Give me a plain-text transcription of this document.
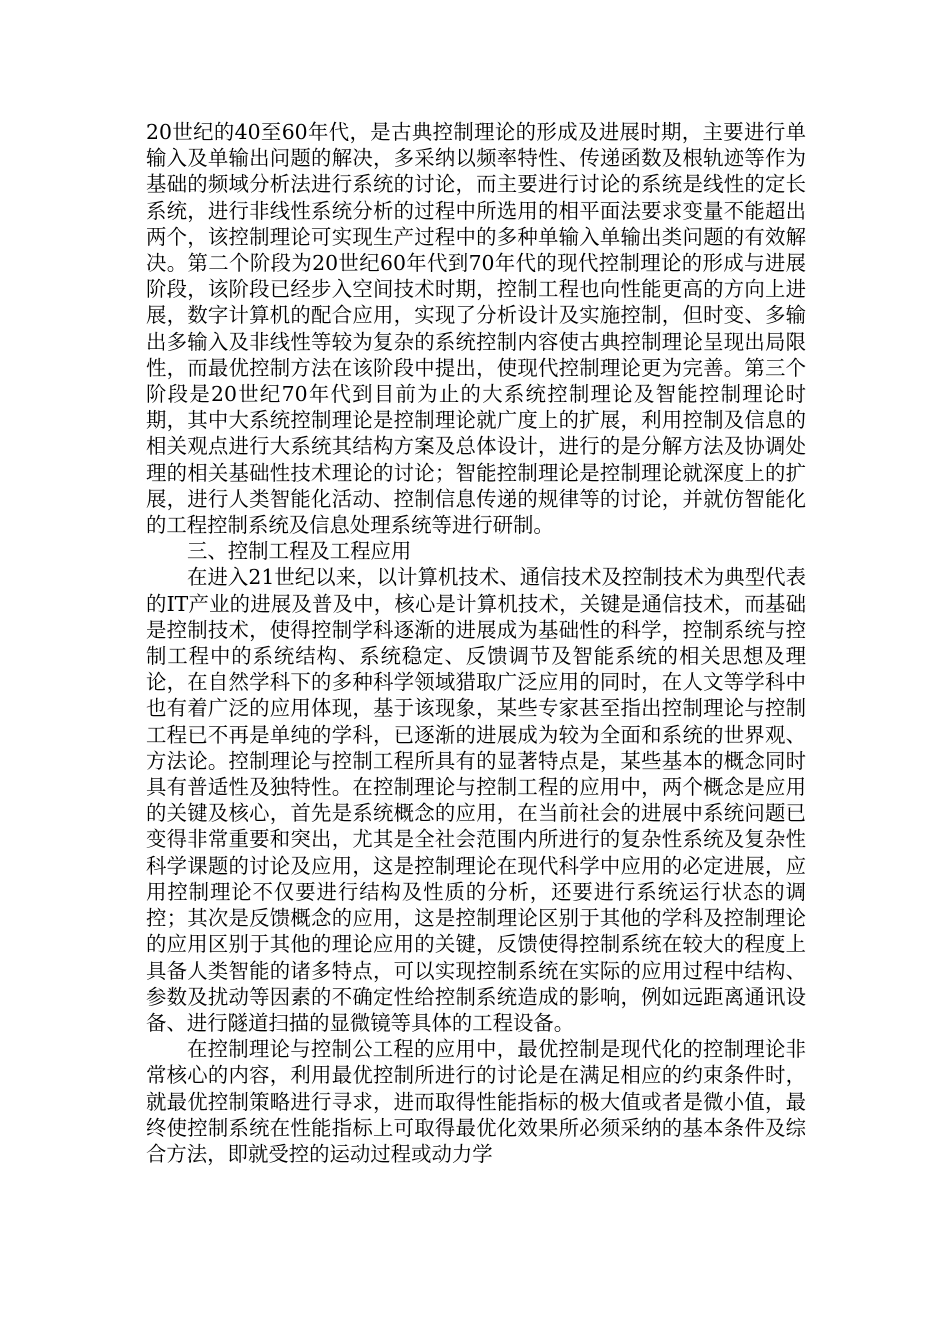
20世纪的40至60年代，是古典控制理论的形成及进展时期，主要进行单输入及单输出问题的解决，多采纳以频率特性、传递函数及根轨迹等作为基础的频域分析法进行系统的讨论，而主要进行讨论的系统是线性的定长系统，进行非线性系统分析的过程中所选用的相平面法要求变量不能超出两个，该控制理论可实现生产过程中的多种单输入单输出类问题的有效解决。第二个阶段为20世纪60年代到70年代的现代控制理论的形成与进展阶段，该阶段已经步入空间技术时期，控制工程也向性能更高的方向上进展，数字计算机的配合应用，实现了分析设计及实施控制，但时变、多输出多输入及非线性等较为复杂的系统控制内容使古典控制理论呈现出局限性，而最优控制方法在该阶段中提出，使现代控制理论更为完善。第三个阶段是20世纪70年代到目前为止的大系统控制理论及智能控制理论时期，其中大系统控制理论是控制理论就广度上的扩展，利用控制及信息的相关观点进行大系统其结构方案及总体设计，进行的是分解方法及协调处理的相关基础性技术理论的讨论；智能控制理论是控制理论就深度上的扩展，进行人类智能化活动、控制信息传递的规律等的讨论，并就仿智能化的工程控制系统及信息处理系统等进行研制。

三、控制工程及工程应用

在进入21世纪以来，以计算机技术、通信技术及控制技术为典型代表的IT产业的进展及普及中，核心是计算机技术，关键是通信技术，而基础是控制技术，使得控制学科逐渐的进展成为基础性的科学，控制系统与控制工程中的系统结构、系统稳定、反馈调节及智能系统的相关思想及理论，在自然学科下的多种科学领域猎取广泛应用的同时，在人文等学科中也有着广泛的应用体现，基于该现象，某些专家甚至指出控制理论与控制工程已不再是单纯的学科，已逐渐的进展成为较为全面和系统的世界观、方法论。控制理论与控制工程所具有的显著特点是，某些基本的概念同时具有普适性及独特性。在控制理论与控制工程的应用中，两个概念是应用的关键及核心，首先是系统概念的应用，在当前社会的进展中系统问题已变得非常重要和突出，尤其是全社会范围内所进行的复杂性系统及复杂性科学课题的讨论及应用，这是控制理论在现代科学中应用的必定进展，应用控制理论不仅要进行结构及性质的分析，还要进行系统运行状态的调控；其次是反馈概念的应用，这是控制理论区别于其他的学科及控制理论的应用区别于其他的理论应用的关键，反馈使得控制系统在较大的程度上具备人类智能的诸多特点，可以实现控制系统在实际的应用过程中结构、参数及扰动等因素的不确定性给控制系统造成的影响，例如远距离通讯设备、进行隧道扫描的显微镜等具体的工程设备。

在控制理论与控制公工程的应用中，最优控制是现代化的控制理论非常核心的内容，利用最优控制所进行的讨论是在满足相应的约束条件时，就最优控制策略进行寻求，进而取得性能指标的极大值或者是微小值，最终使控制系统在性能指标上可取得最优化效果所必须采纳的基本条件及综合方法，即就受控的运动过程或动力学
